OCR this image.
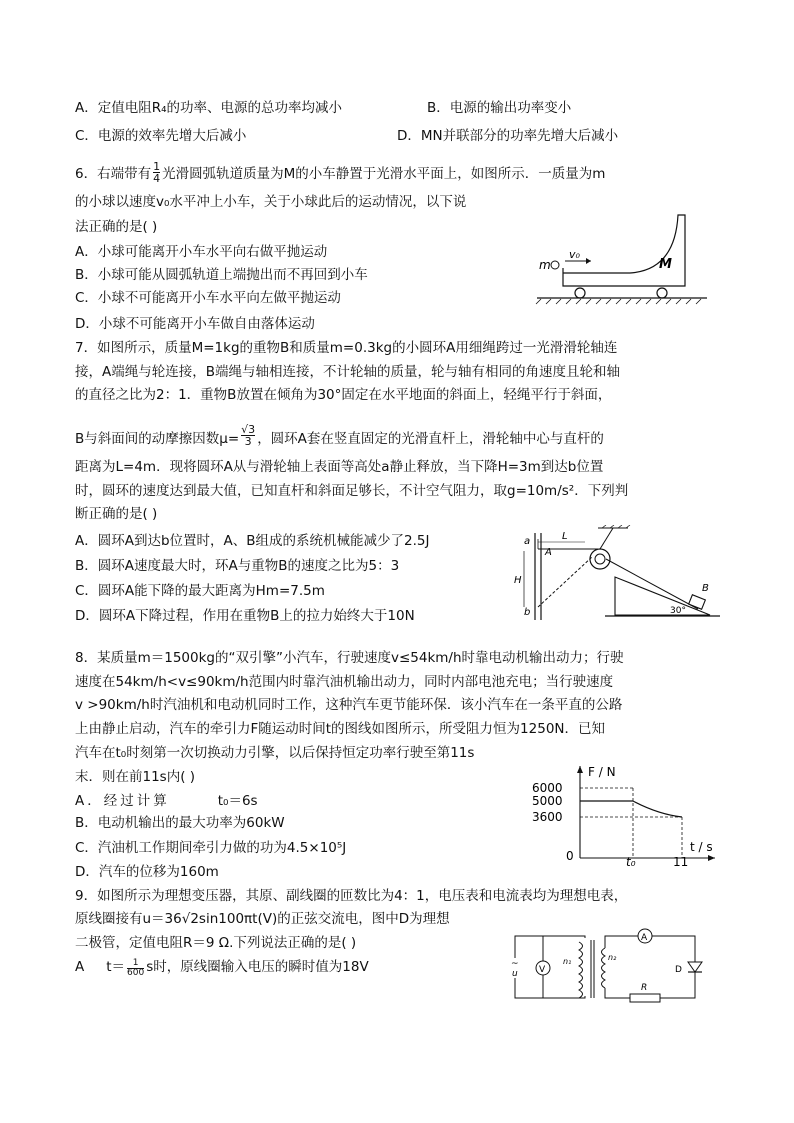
A．定值电阻R₄的功率、电源的总功率均减小	B．电源的输出功率变小
C．电源的效率先增大后减小	D．MN并联部分的功率先增大后减小
6．右端带有 $\frac{1}{4}$ 光滑圆弧轨道质量为M的小车静置于光滑水平面上，如图所示．一质量为m
的小球以速度v₀水平冲上小车，关于小球此后的运动情况，以下说
法正确的是( )
A．小球可能离开小车水平向右做平抛运动
B．小球可能从圆弧轨道上端抛出而不再回到小车
C．小球不可能离开小车水平向左做平抛运动
D．小球不可能离开小车做自由落体运动
m
v₀
M
7．如图所示，质量M=1kg的重物B和质量m=0.3kg的小圆环A用细绳跨过一光滑滑轮轴连
接，A端绳与轮连接，B端绳与轴相连接，不计轮轴的质量，轮与轴有相同的角速度且轮和轴
的直径之比为2：1．重物B放置在倾角为30°固定在水平地面的斜面上，轻绳平行于斜面，
B与斜面间的动摩擦因数$\mu= \frac{√3}{3}$ ，圆环A套在竖直固定的光滑直杆上，滑轮轴中心与直杆的
距离为L=4m．现将圆环A从与滑轮轴上表面等高处a静止释放，当下降H=3m到达b位置
时，圆环的速度达到最大值，已知直杆和斜面足够长，不计空气阻力，取g=10m/s²．下列判
断正确的是( )
A．圆环A到达b位置时，A、B组成的系统机械能减少了2.5J
B．圆环A速度最大时，环A与重物B的速度之比为5：3
C．圆环A能下降的最大距离为Hm=7.5m
D．圆环A下降过程，作用在重物B上的拉力始终大于10N
a
A
L
H
b
B
30°
8．某质量m＝1500kg的“双引擎”小汽车，行驶速度v≤54km/h时靠电动机输出动力；行驶
速度在54km/h<v≤90km/h范围内时靠汽油机输出动力，同时内部电池充电；当行驶速度
v >90km/h时汽油机和电动机同时工作，这种汽车更节能环保．该小汽车在一条平直的公路
上由静止启动，汽车的牵引力F随运动时间t的图线如图所示，所受阻力恒为1250N．已知
汽车在t₀时刻第一次切换动力引擎，以后保持恒定功率行驶至第11s
末．则在前11s内( )
A．经过计算	t₀＝6s
B．电动机输出的最大功率为60kW
C．汽油机工作期间牵引力做的功为4.5×10⁵J
D．汽车的位移为160m
F / N
t / s
6000
5000
3600
0	t₀	11
9．如图所示为理想变压器，其原、副线圈的匝数比为4：1，电压表和电流表均为理想电表，
原线圈接有u＝36√2sin100πt(V)的正弦交流电，图中D为理想
二极管，定值电阻R＝9 Ω.下列说法正确的是( )
A $t= \frac{1}{600}$ s时，原线圈输入电压的瞬时值为18V	~
u V
n₁	n₂
A
D
R
